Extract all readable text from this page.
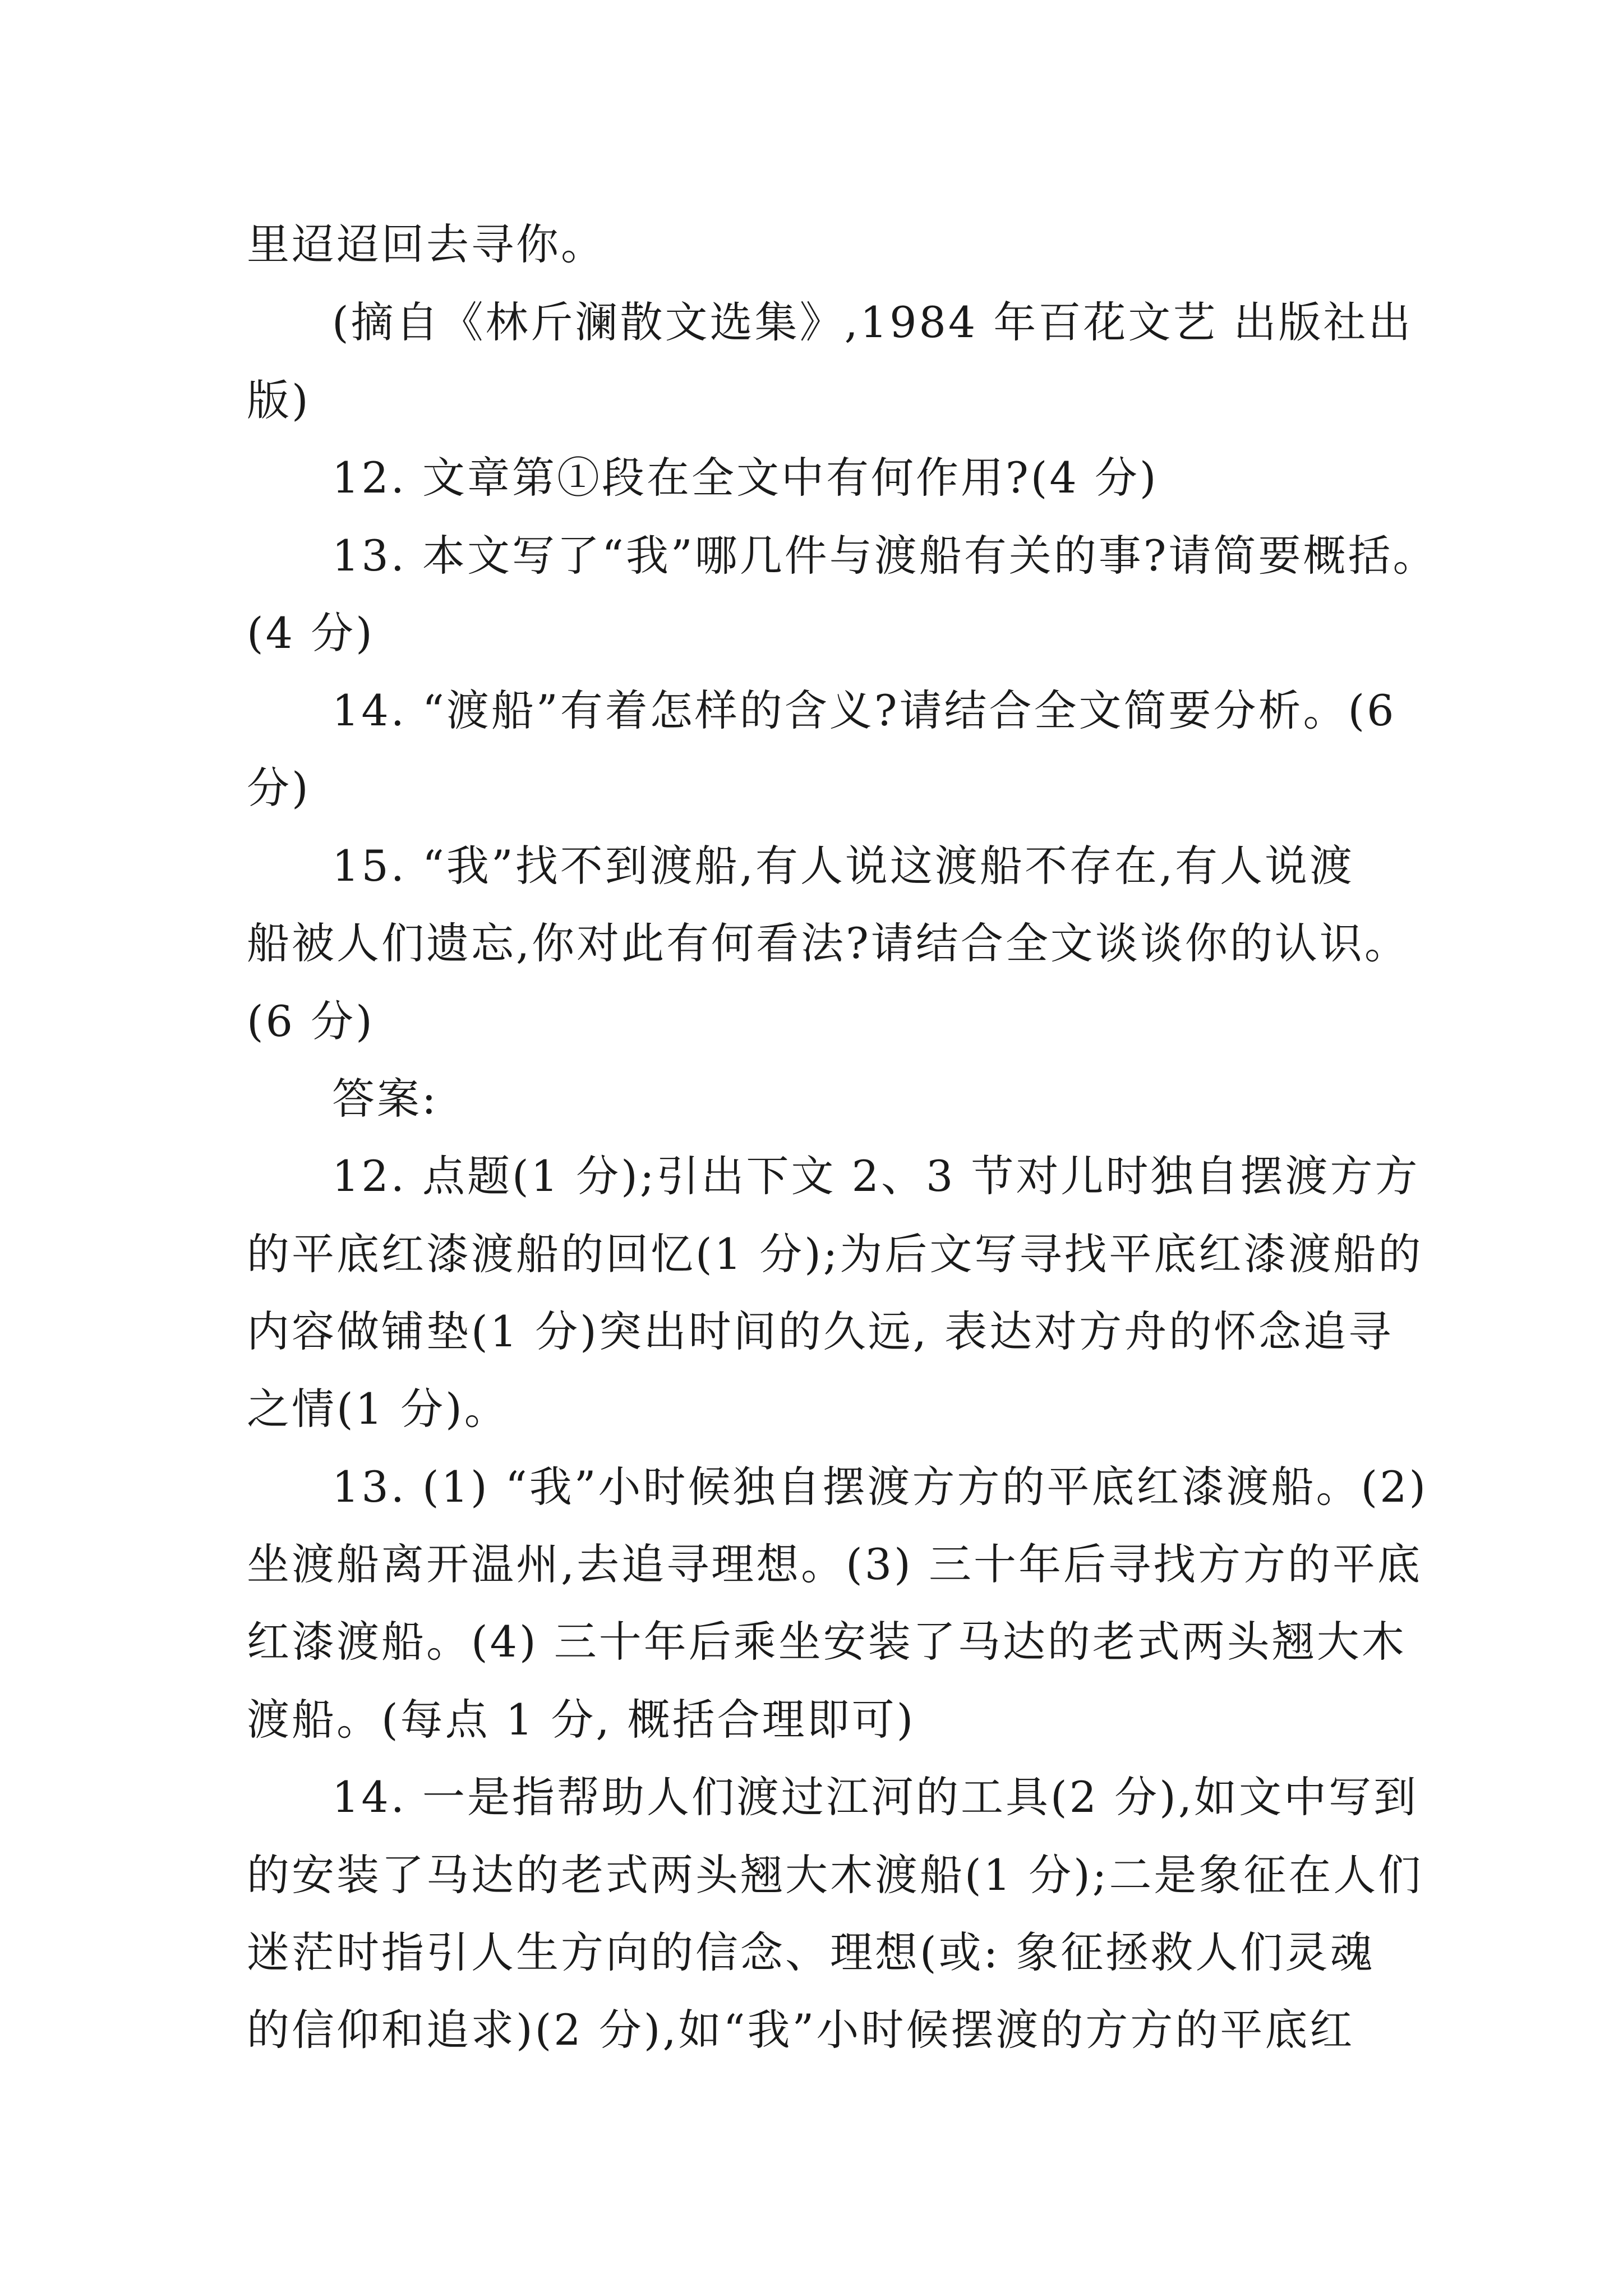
里迢迢回去寻你。
(摘自《林斤澜散文选集》,1984 年百花文艺 出版社出
版)
12. 文章第①段在全文中有何作用?(4 分)
13. 本文写了“我”哪几件与渡船有关的事?请简要概括。
(4 分)
14. “渡船”有着怎样的含义?请结合全文简要分析。(6
分)
15. “我”找不到渡船,有人说这渡船不存在,有人说渡
船被人们遗忘,你对此有何看法?请结合全文谈谈你的认识。
(6 分)
答案:
12. 点题(1 分);引出下文 2、3 节对儿时独自摆渡方方
的平底红漆渡船的回忆(1 分);为后文写寻找平底红漆渡船的
内容做铺垫(1 分)突出时间的久远, 表达对方舟的怀念追寻
之情(1 分)。
13. (1) “我”小时候独自摆渡方方的平底红漆渡船。(2)
坐渡船离开温州,去追寻理想。(3) 三十年后寻找方方的平底
红漆渡船。(4) 三十年后乘坐安装了马达的老式两头翘大木
渡船。(每点 1 分, 概括合理即可)
14. 一是指帮助人们渡过江河的工具(2 分),如文中写到
的安装了马达的老式两头翘大木渡船(1 分);二是象征在人们
迷茫时指引人生方向的信念、理想(或: 象征拯救人们灵魂
的信仰和追求)(2 分),如“我”小时候摆渡的方方的平底红
